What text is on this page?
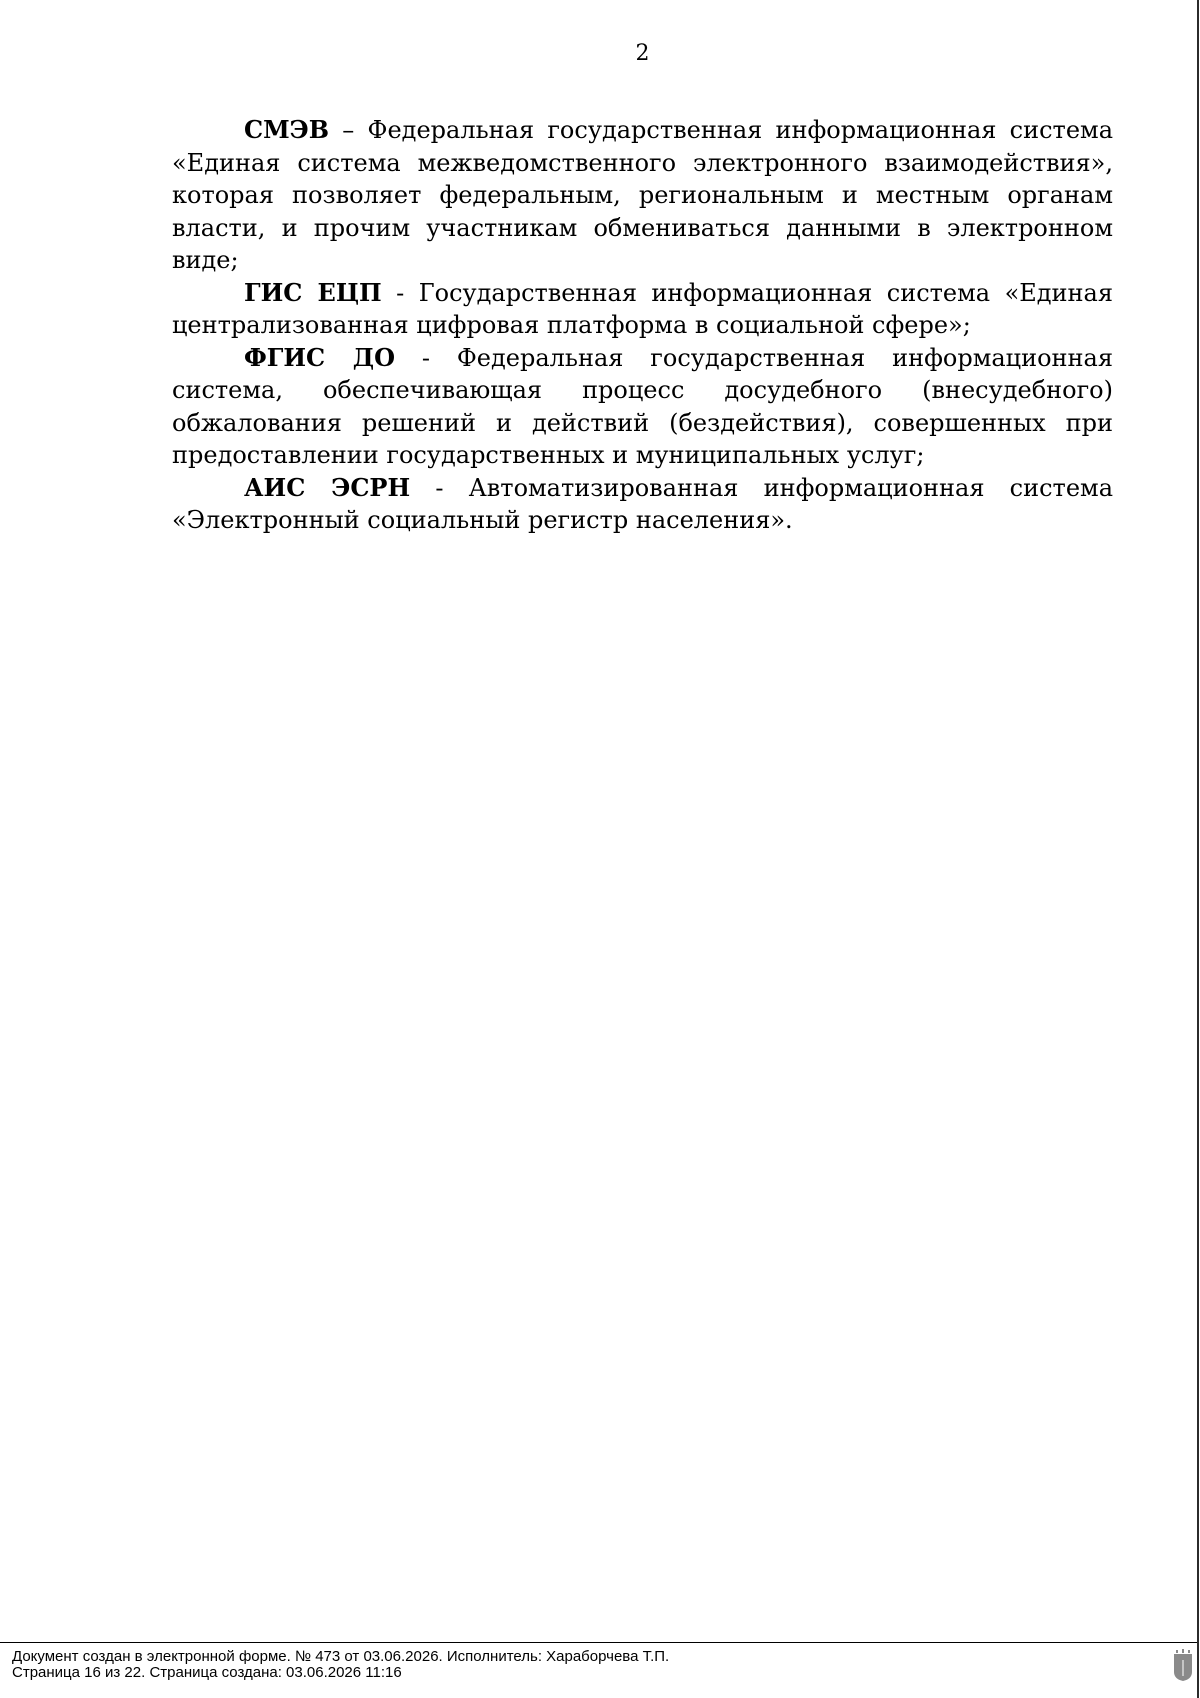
2

СМЭВ – Федеральная государственная информационная система «Единая система межведомственного электронного взаимодействия», которая позволяет федеральным, региональным и местным органам власти, и прочим участникам обмениваться данными в электронном виде;

ГИС ЕЦП - Государственная информационная система «Единая централизованная цифровая платформа в социальной сфере»;

ФГИС ДО - Федеральная государственная информационная система, обеспечивающая процесс досудебного (внесудебного) обжалования решений и действий (бездействия), совершенных при предоставлении государственных и муниципальных услуг;

АИС ЭСРН - Автоматизированная информационная система «Электронный социальный регистр населения».

Документ создан в электронной форме. № 473 от 03.06.2026. Исполнитель: Хараборчева Т.П.
Страница 16 из 22. Страница создана: 03.06.2026 11:16
